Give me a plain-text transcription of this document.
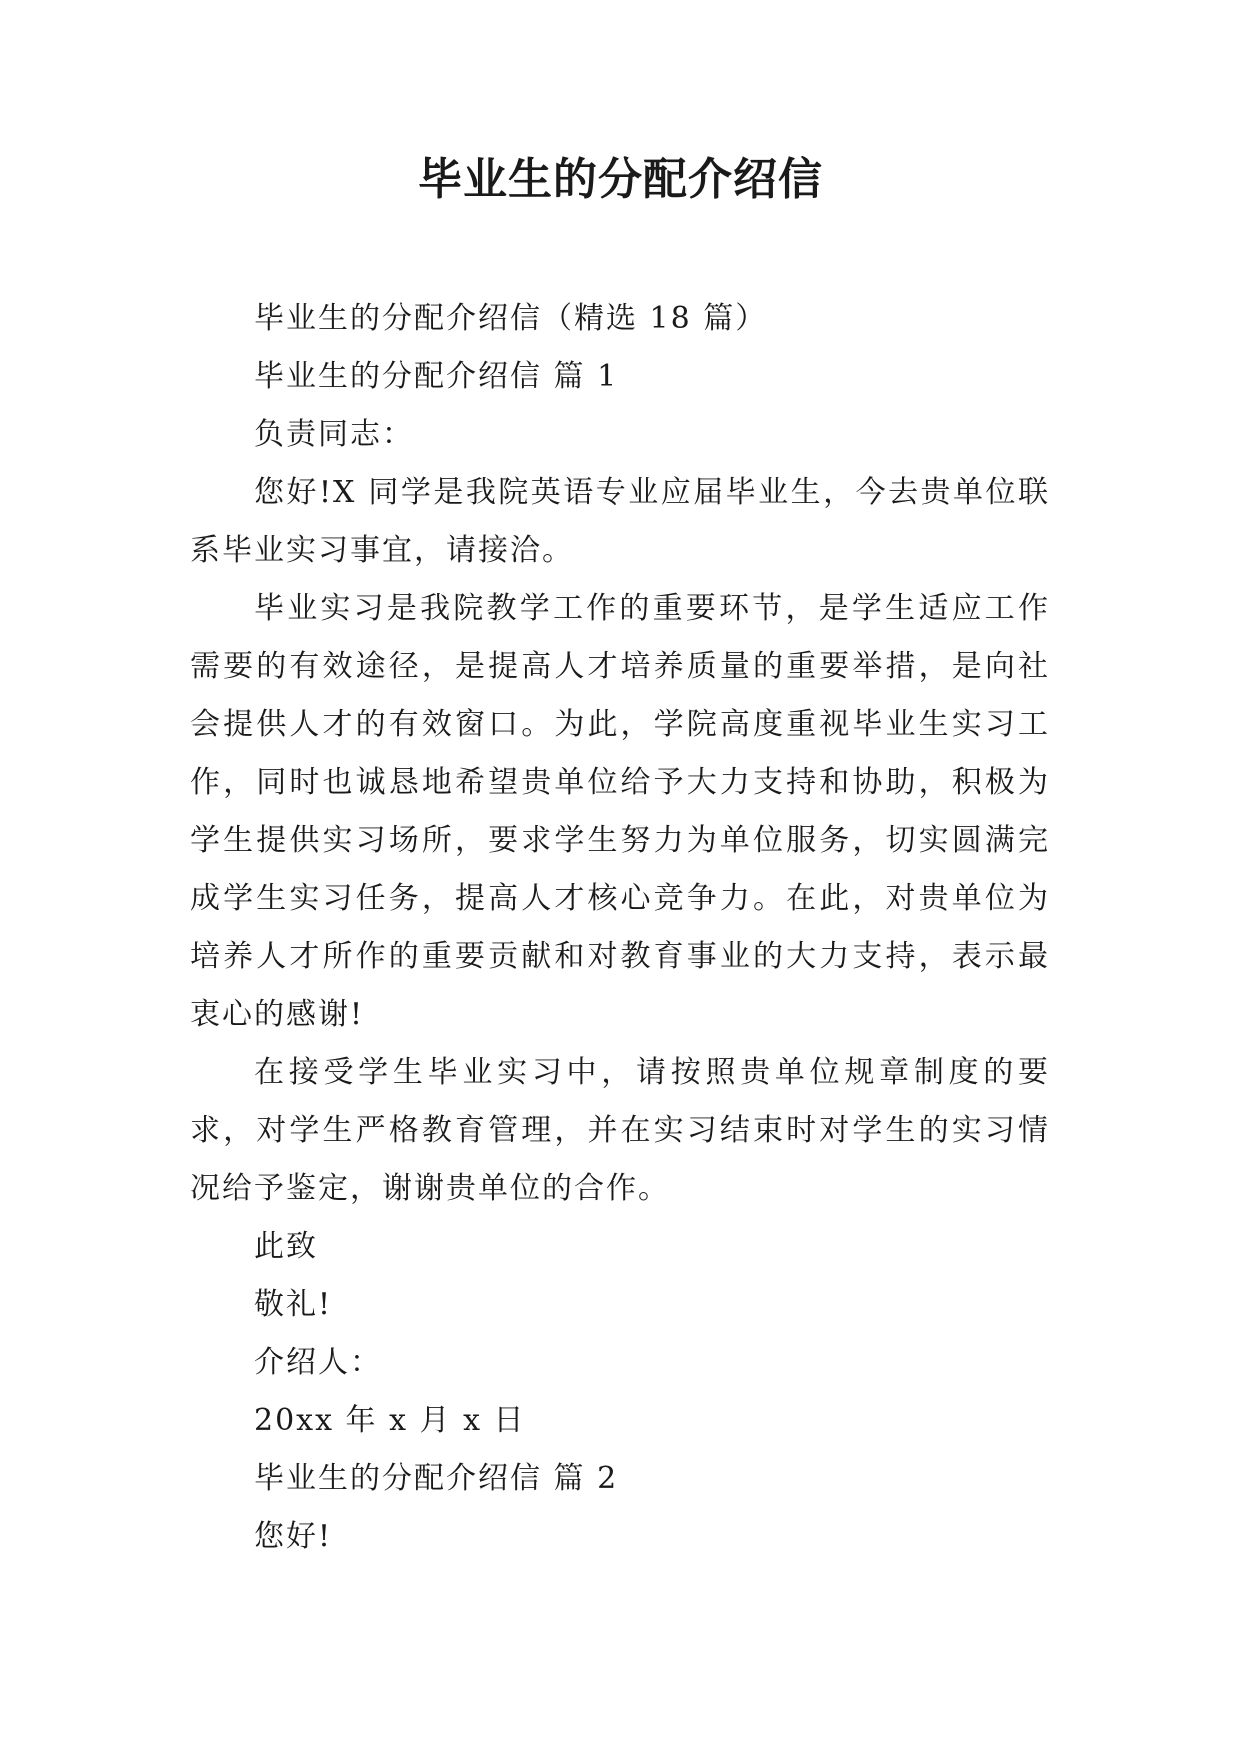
毕业生的分配介绍信

毕业生的分配介绍信（精选 18 篇）

毕业生的分配介绍信 篇 1

负责同志：

您好!X 同学是我院英语专业应届毕业生，今去贵单位联系毕业实习事宜，请接洽。

毕业实习是我院教学工作的重要环节，是学生适应工作需要的有效途径，是提高人才培养质量的重要举措，是向社会提供人才的有效窗口。为此，学院高度重视毕业生实习工作，同时也诚恳地希望贵单位给予大力支持和协助，积极为学生提供实习场所，要求学生努力为单位服务，切实圆满完成学生实习任务，提高人才核心竞争力。在此，对贵单位为培养人才所作的重要贡献和对教育事业的大力支持，表示最衷心的感谢!

在接受学生毕业实习中，请按照贵单位规章制度的要求，对学生严格教育管理，并在实习结束时对学生的实习情况给予鉴定，谢谢贵单位的合作。

此致

敬礼!

介绍人：

20xx 年 x 月 x 日

毕业生的分配介绍信 篇 2

您好!
